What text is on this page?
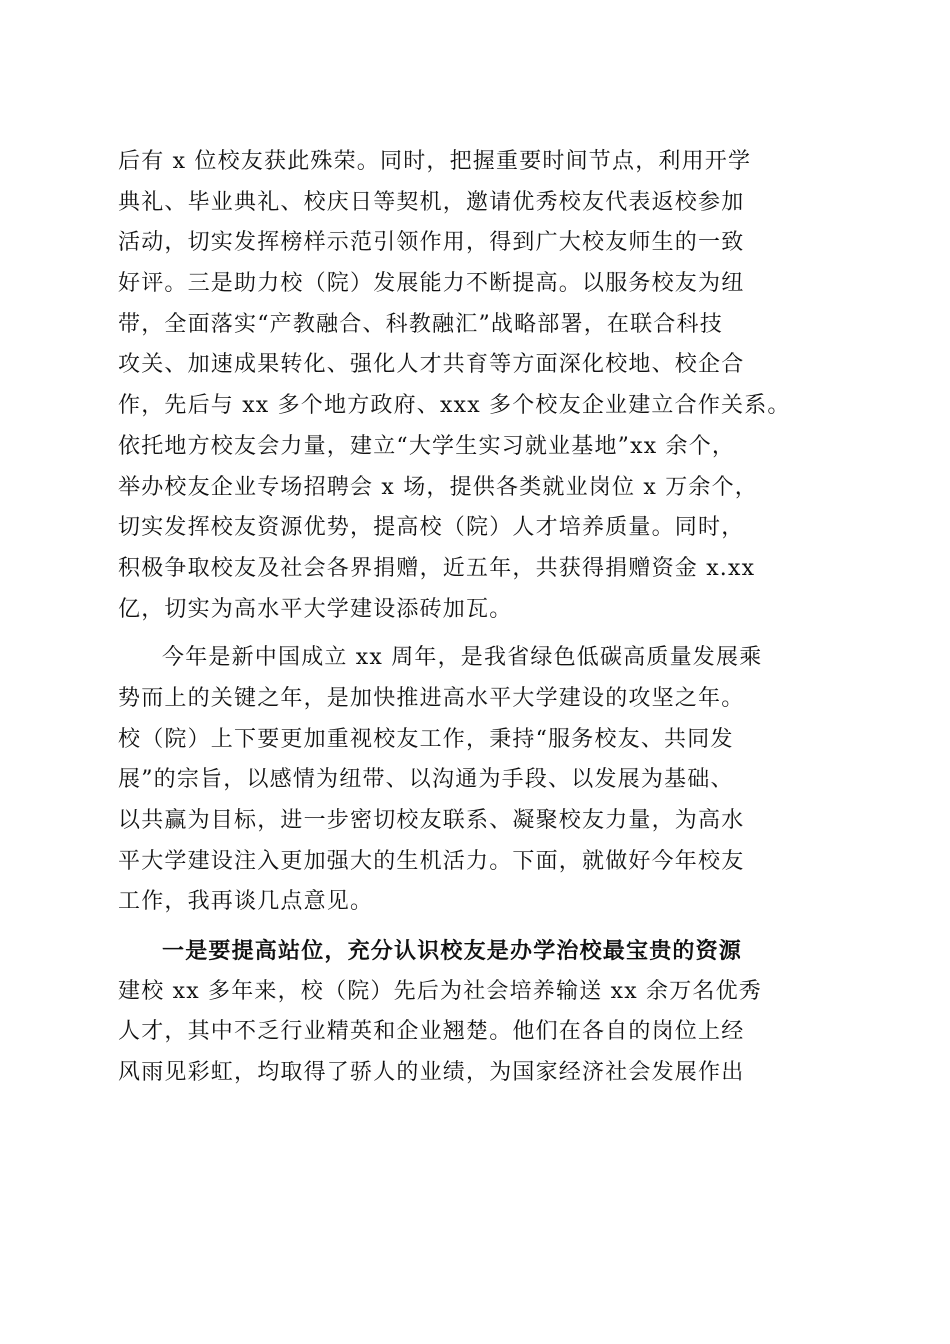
后有 x 位校友获此殊荣。同时，把握重要时间节点，利用开学
典礼、毕业典礼、校庆日等契机，邀请优秀校友代表返校参加
活动，切实发挥榜样示范引领作用，得到广大校友师生的一致
好评。三是助力校（院）发展能力不断提高。以服务校友为纽
带，全面落实“产教融合、科教融汇”战略部署，在联合科技
攻关、加速成果转化、强化人才共育等方面深化校地、校企合
作，先后与 xx 多个地方政府、xxx 多个校友企业建立合作关系。
依托地方校友会力量，建立“大学生实习就业基地”xx 余个，
举办校友企业专场招聘会 x 场，提供各类就业岗位 x 万余个，
切实发挥校友资源优势，提高校（院）人才培养质量。同时，
积极争取校友及社会各界捐赠，近五年，共获得捐赠资金 x.xx
亿，切实为高水平大学建设添砖加瓦。
今年是新中国成立 xx 周年，是我省绿色低碳高质量发展乘
势而上的关键之年，是加快推进高水平大学建设的攻坚之年。
校（院）上下要更加重视校友工作，秉持“服务校友、共同发
展”的宗旨，以感情为纽带、以沟通为手段、以发展为基础、
以共赢为目标，进一步密切校友联系、凝聚校友力量，为高水
平大学建设注入更加强大的生机活力。下面，就做好今年校友
工作，我再谈几点意见。
一是要提高站位，充分认识校友是办学治校最宝贵的资源
建校 xx 多年来，校（院）先后为社会培养输送 xx 余万名优秀
人才，其中不乏行业精英和企业翘楚。他们在各自的岗位上经
风雨见彩虹，均取得了骄人的业绩，为国家经济社会发展作出
